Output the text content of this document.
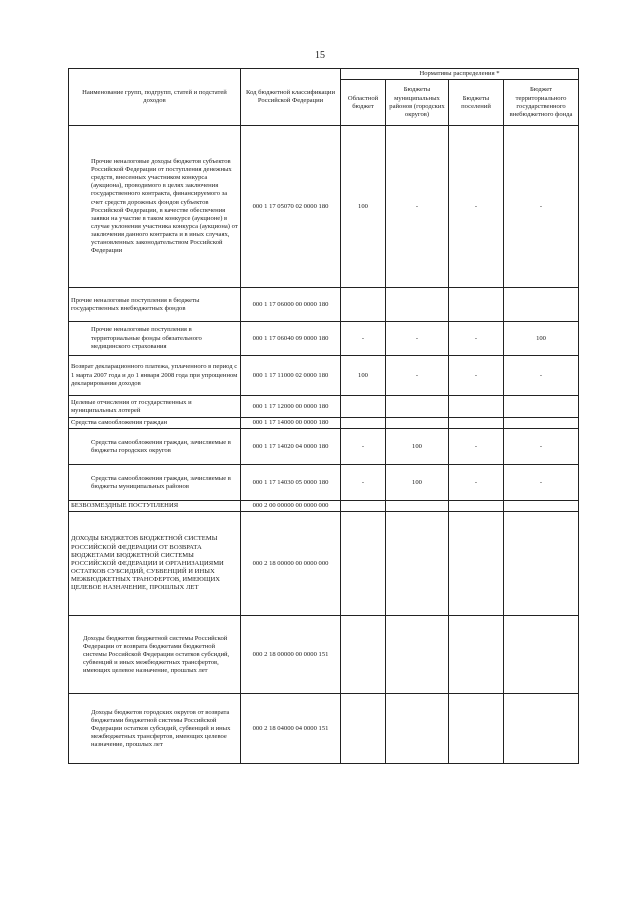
15
Наименование групп, подгрупп, статей и подстатей доходов	Код бюджетной классификации Российской Федерации	Нормативы распределения *			
		Областной бюджет	Бюджеты муниципальных районов (городских округов)	Бюджеты поселений	Бюджет территориального государственного внебюджетного фонда
Прочие неналоговые доходы бюджетов субъектов Российской Федерации от поступления денежных средств, внесенных участником конкурса (аукциона), проводимого в целях заключения государственного контракта, финансируемого за счет средств дорожных фондов субъектов Российской Федерации, в качестве обеспечения заявки на участие в таком конкурсе (аукционе) в случае уклонения участника конкурса (аукциона) от заключения данного контракта и в иных случаях, установленных законодательством Российской Федерации	000 1 17 05070 02 0000 180	100	-	-	-
Прочие неналоговые поступления в бюджеты государственных внебюджетных фондов	000 1 17 06000 00 0000 180				
Прочие неналоговые поступления в территориальные фонды обязательного медицинского страхования	000 1 17 06040 09 0000 180	-	-	-	100
Возврат декларационного платежа, уплаченного в период с 1 марта 2007 года и до 1 января 2008 года при упрощенном декларировании доходов	000 1 17 11000 02 0000 180	100	-	-	-
Целевые отчисления от государственных и муниципальных лотерей	000 1 17 12000 00 0000 180				
Средства самообложения граждан	000 1 17 14000 00 0000 180				
Средства самообложения граждан, зачисляемые в бюджеты городских округов	000 1 17 14020 04 0000 180	-	100	-	-
Средства самообложения граждан, зачисляемые в бюджеты муниципальных районов	000 1 17 14030 05 0000 180	-	100	-	-
БЕЗВОЗМЕЗДНЫЕ ПОСТУПЛЕНИЯ	000 2 00 00000 00 0000 000				
ДОХОДЫ БЮДЖЕТОВ БЮДЖЕТНОЙ СИСТЕМЫ РОССИЙСКОЙ ФЕДЕРАЦИИ ОТ ВОЗВРАТА БЮДЖЕТАМИ БЮДЖЕТНОЙ СИСТЕМЫ РОССИЙСКОЙ ФЕДЕРАЦИИ И ОРГАНИЗАЦИЯМИ ОСТАТКОВ СУБСИДИЙ, СУБВЕНЦИЙ И ИНЫХ МЕЖБЮДЖЕТНЫХ ТРАНСФЕРТОВ, ИМЕЮЩИХ ЦЕЛЕВОЕ НАЗНАЧЕНИЕ, ПРОШЛЫХ ЛЕТ	000 2 18 00000 00 0000 000				
Доходы бюджетов бюджетной системы Российской Федерации от возврата бюджетами бюджетной системы Российской Федерации остатков субсидий, субвенций и иных межбюджетных трансфертов, имеющих целевое назначение, прошлых лет	000 2 18 00000 00 0000 151				
Доходы бюджетов городских округов от возврата бюджетами бюджетной системы Российской Федерации остатков субсидий, субвенций и иных межбюджетных трансфертов, имеющих целевое назначение, прошлых лет	000 2 18 04000 04 0000 151				
